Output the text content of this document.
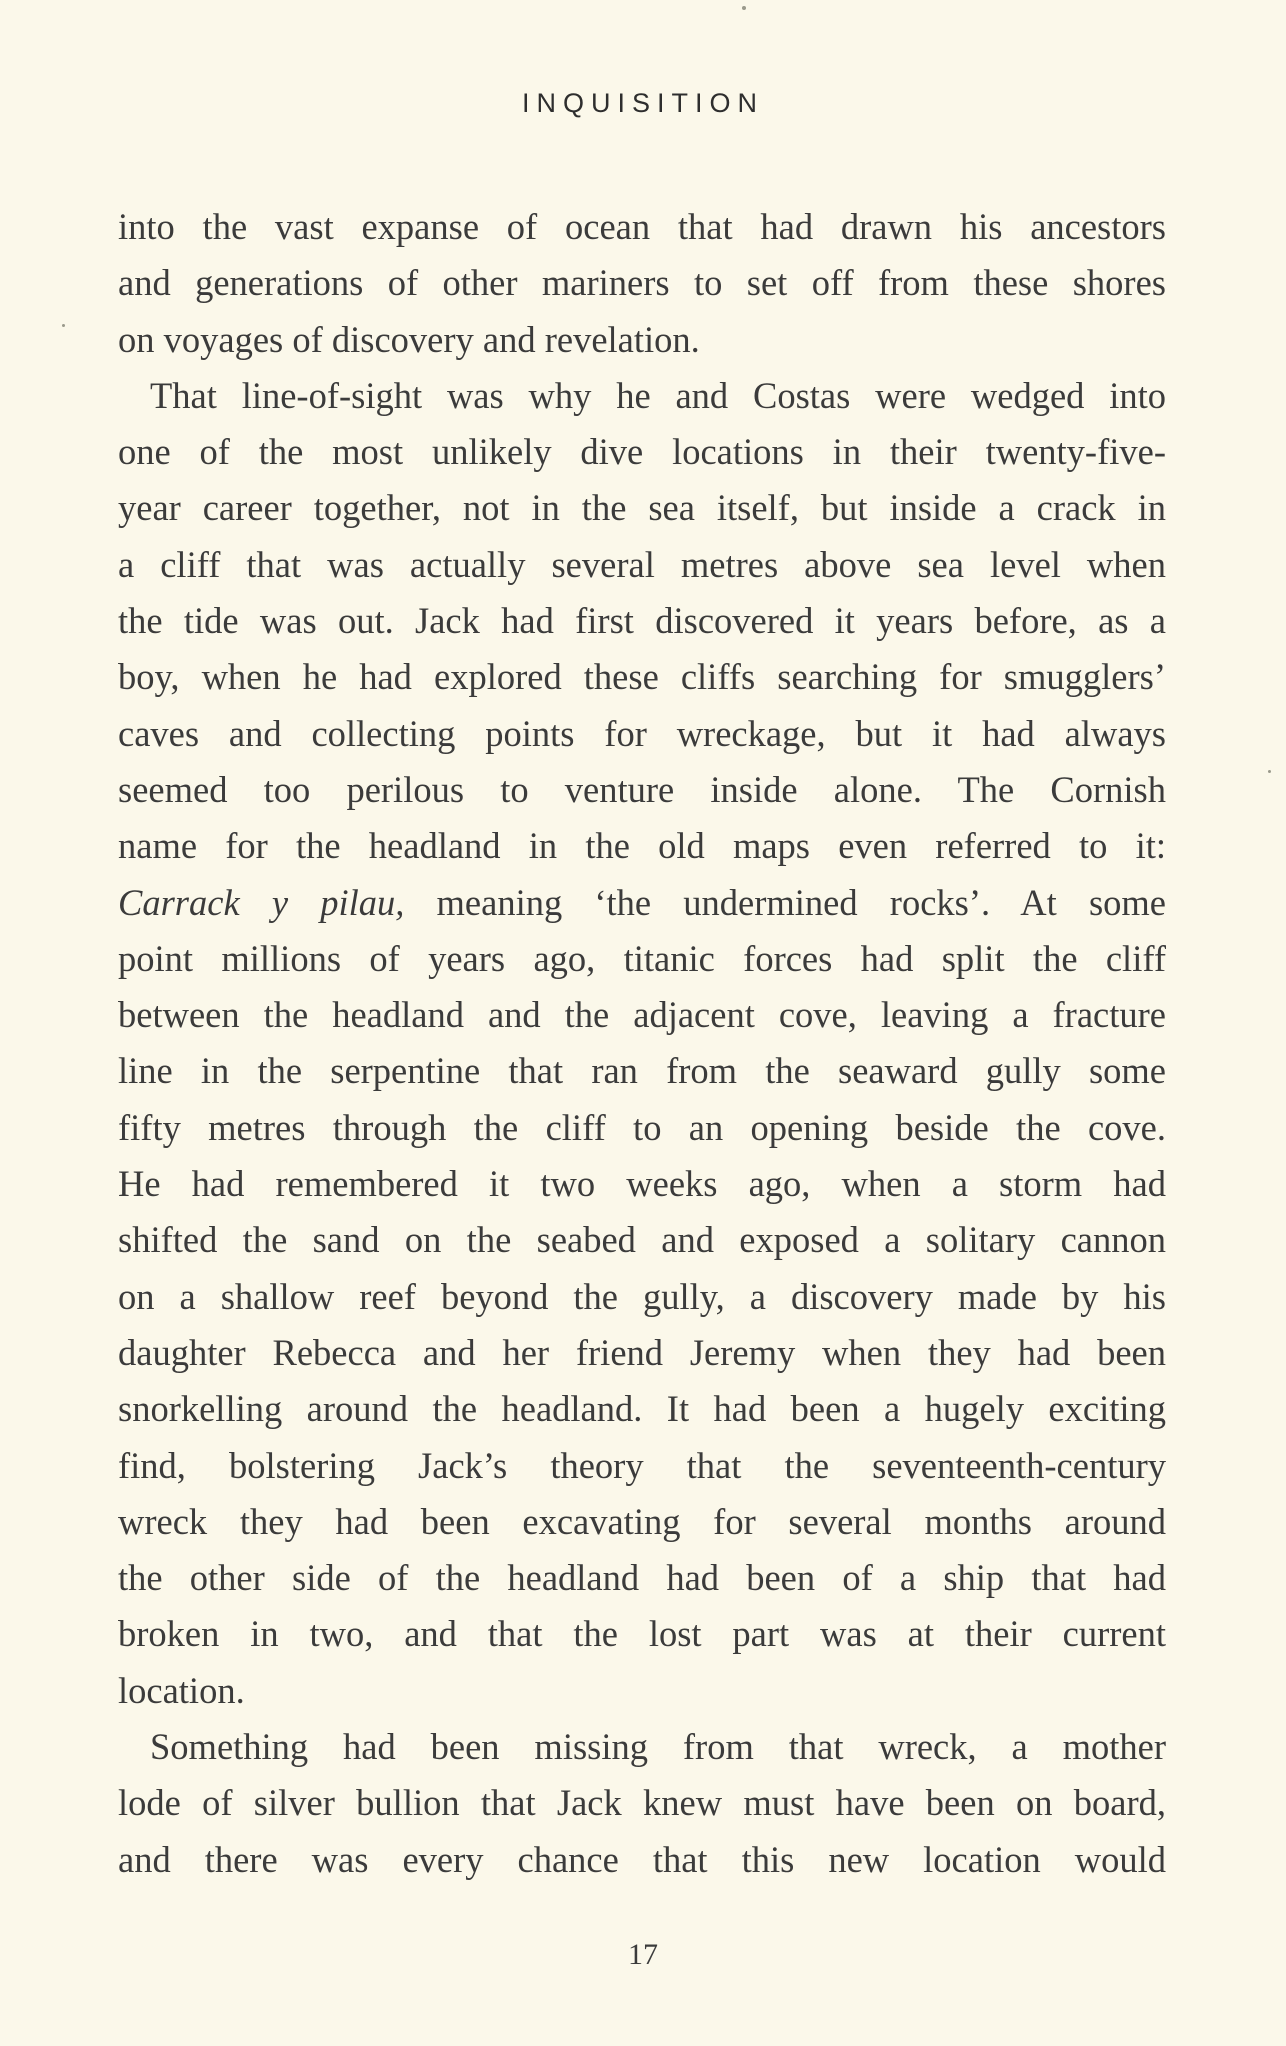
INQUISITION
into the vast expanse of ocean that had drawn his ancestors
and generations of other mariners to set off from these shores
on voyages of discovery and revelation.
That line-of-sight was why he and Costas were wedged into
one of the most unlikely dive locations in their twenty-five-
year career together, not in the sea itself, but inside a crack in
a cliff that was actually several metres above sea level when
the tide was out. Jack had first discovered it years before, as a
boy, when he had explored these cliffs searching for smugglers’
caves and collecting points for wreckage, but it had always
seemed too perilous to venture inside alone. The Cornish
name for the headland in the old maps even referred to it:
Carrack y pilau, meaning ‘the undermined rocks’. At some
point millions of years ago, titanic forces had split the cliff
between the headland and the adjacent cove, leaving a fracture
line in the serpentine that ran from the seaward gully some
fifty metres through the cliff to an opening beside the cove.
He had remembered it two weeks ago, when a storm had
shifted the sand on the seabed and exposed a solitary cannon
on a shallow reef beyond the gully, a discovery made by his
daughter Rebecca and her friend Jeremy when they had been
snorkelling around the headland. It had been a hugely exciting
find, bolstering Jack’s theory that the seventeenth-century
wreck they had been excavating for several months around
the other side of the headland had been of a ship that had
broken in two, and that the lost part was at their current
location.
Something had been missing from that wreck, a mother
lode of silver bullion that Jack knew must have been on board,
and there was every chance that this new location would
17
